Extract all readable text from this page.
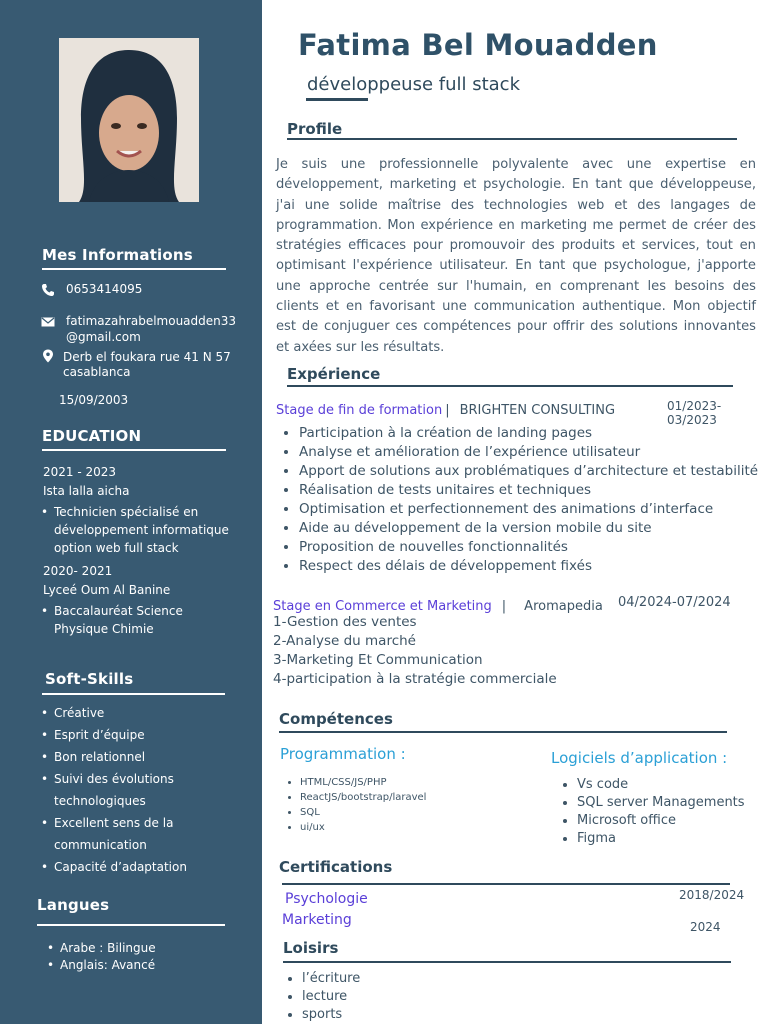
Mes Informations
0653414095
fatimazahrabelmouadden33
@gmail.com
Derb el foukara rue 41 N 57
casablanca
15/09/2003
EDUCATION
2021 - 2023
Ista lalla aicha
• Technicien spécialisé en
développement informatique
option web full stack
2020- 2021
Lyceé Oum Al Banine
• Baccalauréat Science
Physique Chimie
Soft-Skills
• Créative
• Esprit d’équipe
• Bon relationnel
• Suivi des évolutions
technologiques
• Excellent sens de la
communication
• Capacité d’adaptation
Langues
• Arabe : Bilingue
• Anglais: Avancé
Fatima Bel Mouadden
développeuse full stack
Profile
Je suis une professionnelle polyvalente avec une expertise en développement, marketing et psychologie. En tant que développeuse, j'ai une solide maîtrise des technologies web et des langages de programmation. Mon expérience en marketing me permet de créer des stratégies efficaces pour promouvoir des produits et services, tout en optimisant l'expérience utilisateur. En tant que psychologue, j'apporte une approche centrée sur l'humain, en comprenant les besoins des clients et en favorisant une communication authentique. Mon objectif est de conjuguer ces compétences pour offrir des solutions innovantes et axées sur les résultats.
Expérience
Stage de fin de formation | BRIGHTEN CONSULTING	01/2023-03/2023
• Participation à la création de landing pages
• Analyse et amélioration de l’expérience utilisateur
• Apport de solutions aux problématiques d’architecture et testabilité
• Réalisation de tests unitaires et techniques
• Optimisation et perfectionnement des animations d’interface
• Aide au développement de la version mobile du site
• Proposition de nouvelles fonctionnalités
• Respect des délais de développement fixés
Stage en Commerce et Marketing | Aromapedia 04/2024-07/2024
1-Gestion des ventes
2-Analyse du marché
3-Marketing Et Communication
4-participation à la stratégie commerciale
Compétences
Programmation :
• HTML/CSS/JS/PHP
• ReactJS/bootstrap/laravel
• SQL
• ui/ux
Logiciels d’application :
• Vs code
• SQL server Managements
• Microsoft office
• Figma
Certifications
Psychologie	2018/2024
Marketing	2024
Loisirs
• l’écriture
• lecture
• sports
